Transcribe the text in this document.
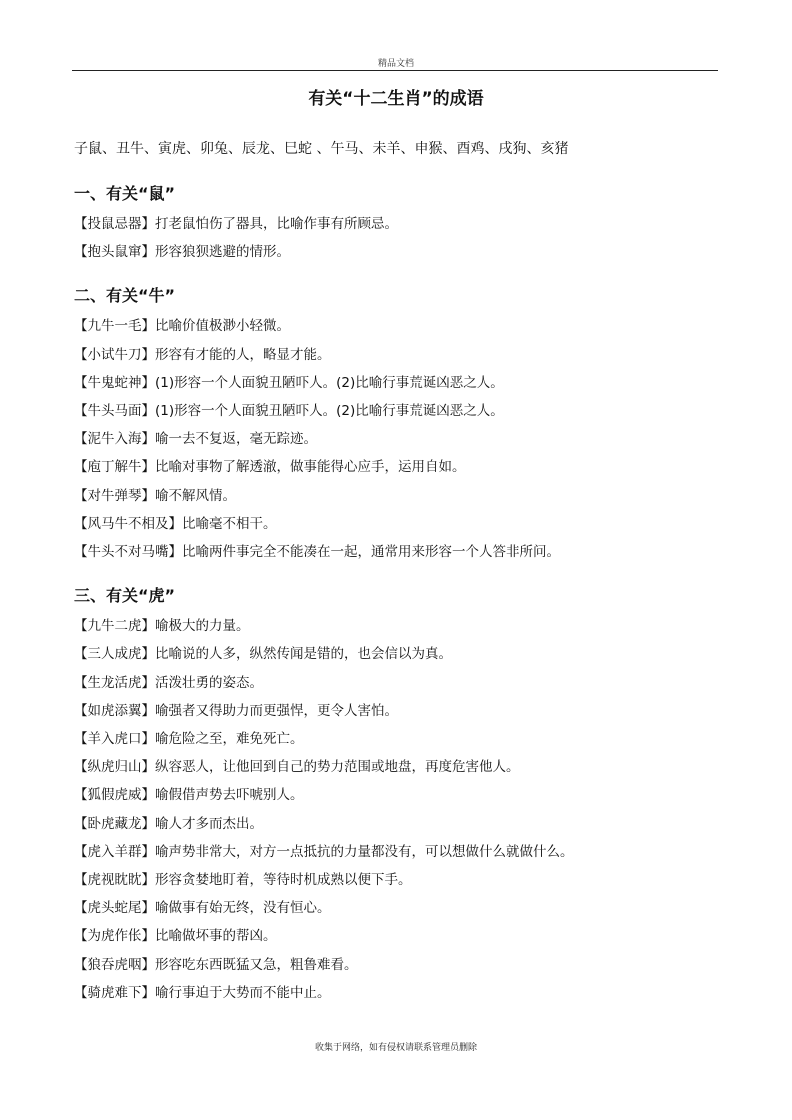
精品文档
有关“十二生肖”的成语

子鼠、丑牛、寅虎、卯兔、辰龙、巳蛇 、午马、未羊、申猴、酉鸡、戌狗、亥猪

一、有关“鼠”
【投鼠忌器】打老鼠怕伤了器具，比喻作事有所顾忌。
【抱头鼠窜】形容狼狈逃避的情形。
二、有关“牛”
【九牛一毛】比喻价值极渺小轻微。
【小试牛刀】形容有才能的人，略显才能。
【牛鬼蛇神】(1)形容一个人面貌丑陋吓人。(2)比喻行事荒诞凶恶之人。
【牛头马面】(1)形容一个人面貌丑陋吓人。(2)比喻行事荒诞凶恶之人。
【泥牛入海】喻一去不复返，毫无踪迹。
【庖丁解牛】比喻对事物了解透澈，做事能得心应手，运用自如。
【对牛弹琴】喻不解风情。
【风马牛不相及】比喻毫不相干。
【牛头不对马嘴】比喻两件事完全不能凑在一起，通常用来形容一个人答非所问。
三、有关“虎”
【九牛二虎】喻极大的力量。
【三人成虎】比喻说的人多，纵然传闻是错的，也会信以为真。
【生龙活虎】活泼壮勇的姿态。
【如虎添翼】喻强者又得助力而更强悍，更令人害怕。
【羊入虎口】喻危险之至，难免死亡。
【纵虎归山】纵容恶人，让他回到自己的势力范围或地盘，再度危害他人。
【狐假虎威】喻假借声势去吓唬别人。
【卧虎藏龙】喻人才多而杰出。
【虎入羊群】喻声势非常大，对方一点抵抗的力量都没有，可以想做什么就做什么。
【虎视眈眈】形容贪婪地盯着，等待时机成熟以便下手。
【虎头蛇尾】喻做事有始无终，没有恒心。
【为虎作伥】比喻做坏事的帮凶。
【狼吞虎咽】形容吃东西既猛又急，粗鲁难看。
【骑虎难下】喻行事迫于大势而不能中止。
收集于网络，如有侵权请联系管理员删除
